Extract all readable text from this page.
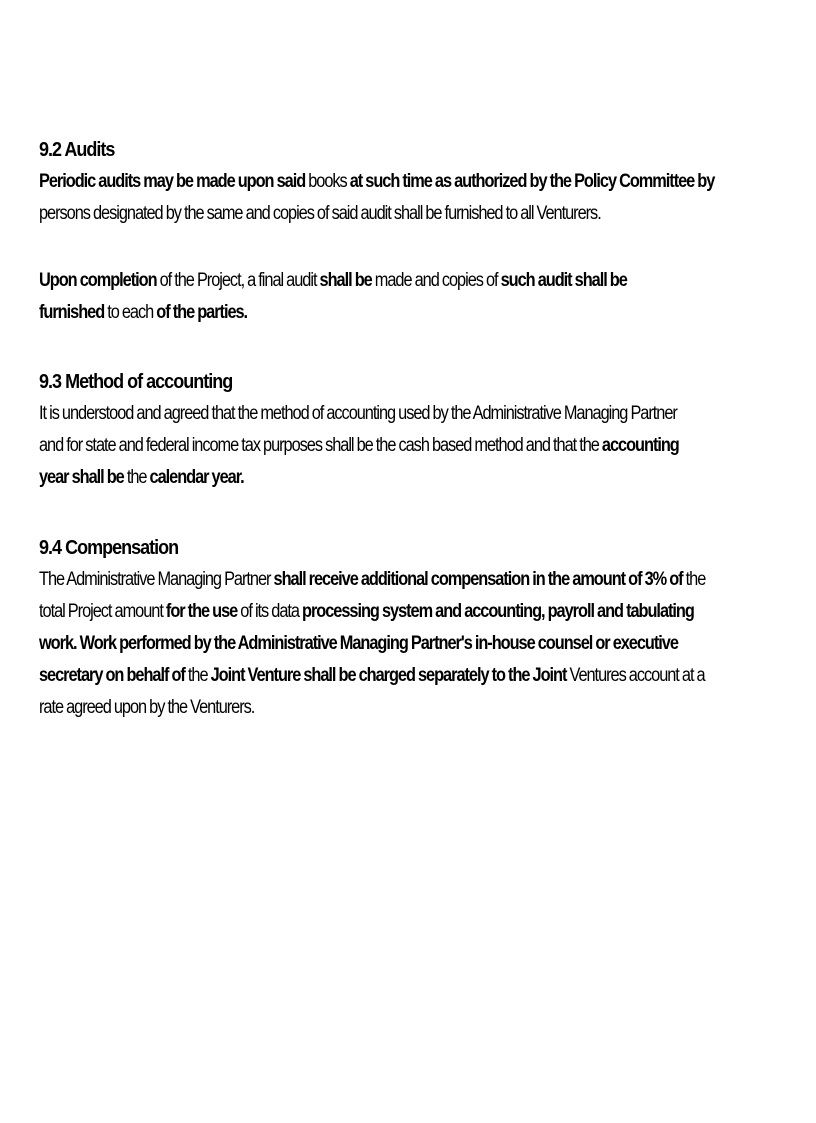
9.2 Audits
Periodic audits may be made upon said books at such time as authorized by the Policy Committee by
persons designated by the same and copies of said audit shall be furnished to all Venturers.
Upon completion of the Project, a final audit shall be made and copies of such audit shall be
furnished to each of the parties.
9.3 Method of accounting
It is understood and agreed that the method of accounting used by the Administrative Managing Partner
and for state and federal income tax purposes shall be the cash based method and that the accounting
year shall be the calendar year.
9.4 Compensation
The Administrative Managing Partner shall receive additional compensation in the amount of 3% of the
total Project amount for the use of its data processing system and accounting, payroll and tabulating
work. Work performed by the Administrative Managing Partner's in-house counsel or executive
secretary on behalf of the Joint Venture shall be charged separately to the Joint Ventures account at a
rate agreed upon by the Venturers.
